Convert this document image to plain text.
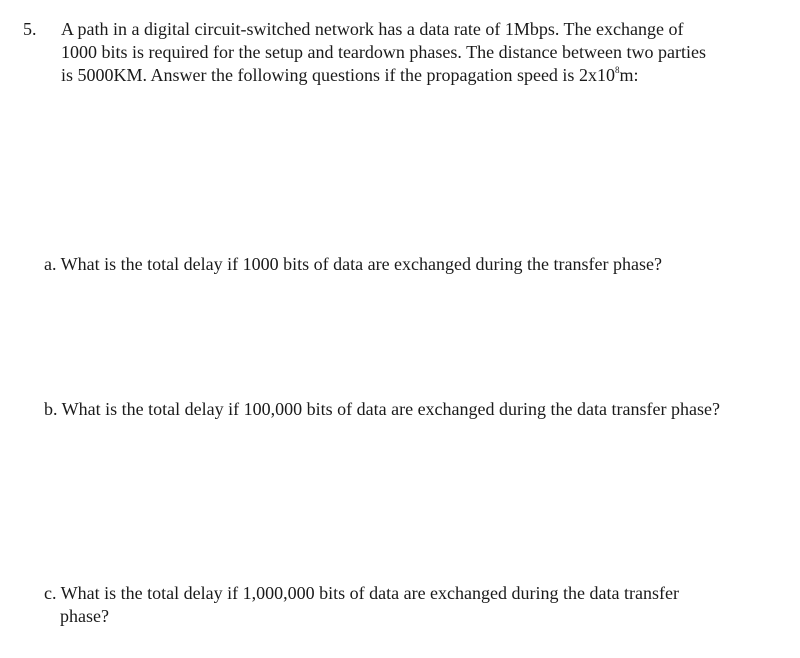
5. A path in a digital circuit-switched network has a data rate of 1Mbps. The exchange of
1000 bits is required for the setup and teardown phases. The distance between two parties
is 5000KM. Answer the following questions if the propagation speed is $2x10^8m$:
a. What is the total delay if 1000 bits of data are exchanged during the transfer phase?
b. What is the total delay if 100,000 bits of data are exchanged during the data transfer phase?
c. What is the total delay if 1,000,000 bits of data are exchanged during the data transfer
phase?
